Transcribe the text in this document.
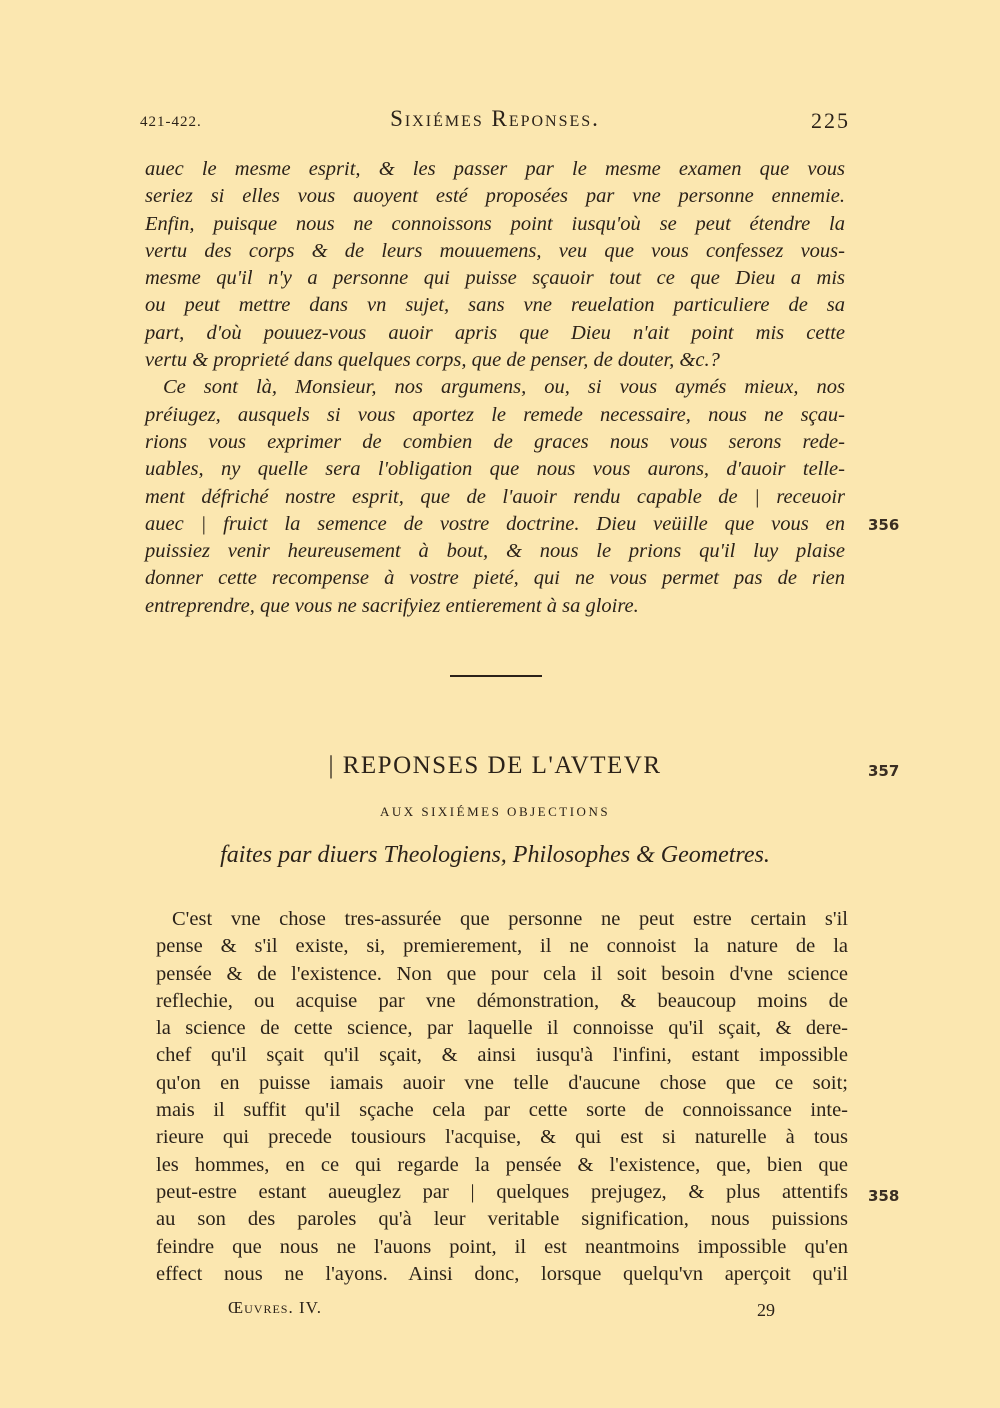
421-422.	Sixiémes Reponses.	225
auec le mesme esprit, & les passer par le mesme examen que vous
seriez si elles vous auoyent esté proposées par vne personne ennemie.
Enfin, puisque nous ne connoissons point iusqu'où se peut étendre la
vertu des corps & de leurs mouuemens, veu que vous confessez vous-
mesme qu'il n'y a personne qui puisse sçauoir tout ce que Dieu a mis
ou peut mettre dans vn sujet, sans vne reuelation particuliere de sa
part, d'où pouuez-vous auoir apris que Dieu n'ait point mis cette
vertu & proprieté dans quelques corps, que de penser, de douter, &c.?
Ce sont là, Monsieur, nos argumens, ou, si vous aymés mieux, nos
préiugez, ausquels si vous aportez le remede necessaire, nous ne sçau-
rions vous exprimer de combien de graces nous vous serons rede-
uables, ny quelle sera l'obligation que nous vous aurons, d'auoir telle-
ment défriché nostre esprit, que de l'auoir rendu capable de | receuoir
auec | fruict la semence de vostre doctrine. Dieu veüille que vous en
puissiez venir heureusement à bout, & nous le prions qu'il luy plaise
donner cette recompense à vostre pieté, qui ne vous permet pas de rien
entreprendre, que vous ne sacrifyiez entierement à sa gloire.
356
| REPONSES DE L'AVTEVR	357
AUX SIXIÉMES OBJECTIONS
faites par diuers Theologiens, Philosophes & Geometres.
C'est vne chose tres-assurée que personne ne peut estre certain s'il
pense & s'il existe, si, premierement, il ne connoist la nature de la
pensée & de l'existence. Non que pour cela il soit besoin d'vne science
reflechie, ou acquise par vne démonstration, & beaucoup moins de
la science de cette science, par laquelle il connoisse qu'il sçait, & dere-
chef qu'il sçait qu'il sçait, & ainsi iusqu'à l'infini, estant impossible
qu'on en puisse iamais auoir vne telle d'aucune chose que ce soit;
mais il suffit qu'il sçache cela par cette sorte de connoissance inte-
rieure qui precede tousiours l'acquise, & qui est si naturelle à tous
les hommes, en ce qui regarde la pensée & l'existence, que, bien que
peut-estre estant aueuglez par | quelques prejugez, & plus attentifs
au son des paroles qu'à leur veritable signification, nous puissions
feindre que nous ne l'auons point, il est neantmoins impossible qu'en
effect nous ne l'ayons. Ainsi donc, lorsque quelqu'vn aperçoit qu'il
358
Œuvres. IV.	29
